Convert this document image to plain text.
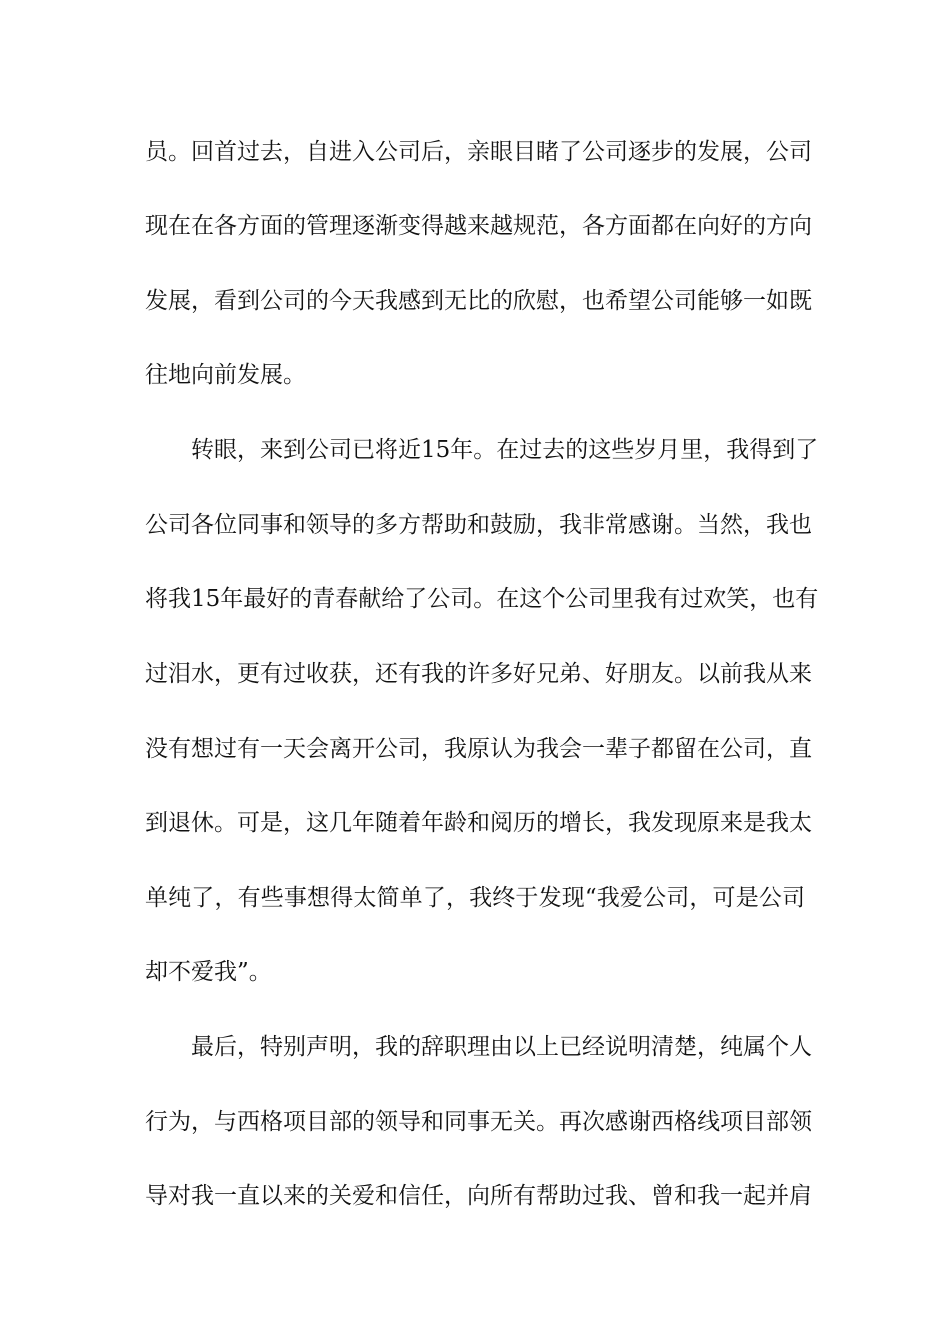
员。回首过去，自进入公司后，亲眼目睹了公司逐步的发展，公司
现在在各方面的管理逐渐变得越来越规范，各方面都在向好的方向
发展，看到公司的今天我感到无比的欣慰，也希望公司能够一如既
往地向前发展。
转眼，来到公司已将近15年。在过去的这些岁月里，我得到了
公司各位同事和领导的多方帮助和鼓励，我非常感谢。当然，我也
将我15年最好的青春献给了公司。在这个公司里我有过欢笑，也有
过泪水，更有过收获，还有我的许多好兄弟、好朋友。以前我从来
没有想过有一天会离开公司，我原认为我会一辈子都留在公司，直
到退休。可是，这几年随着年龄和阅历的增长，我发现原来是我太
单纯了，有些事想得太简单了，我终于发现“我爱公司，可是公司
却不爱我”。
最后，特别声明，我的辞职理由以上已经说明清楚，纯属个人
行为，与西格项目部的领导和同事无关。再次感谢西格线项目部领
导对我一直以来的关爱和信任，向所有帮助过我、曾和我一起并肩
